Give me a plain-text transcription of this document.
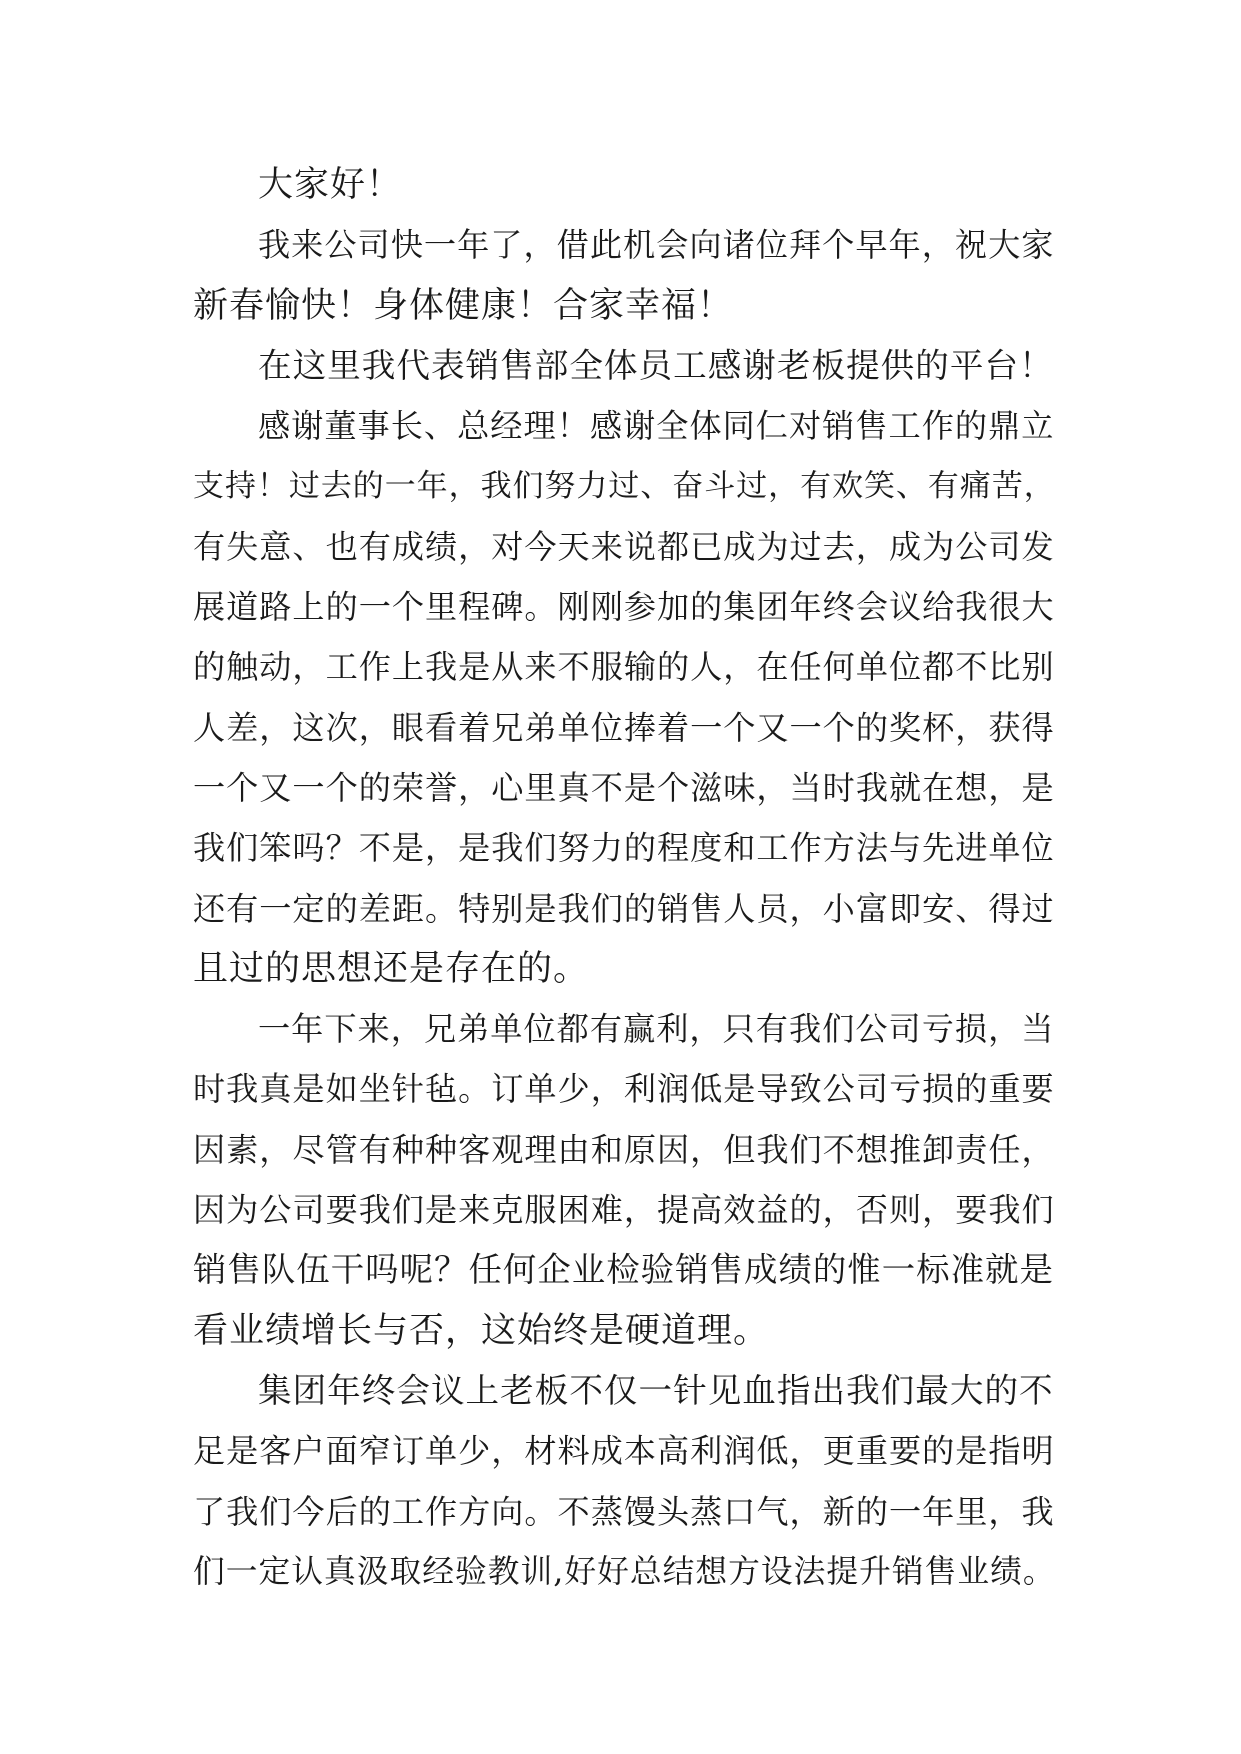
大家好！
我来公司快一年了，借此机会向诸位拜个早年，祝大家
新春愉快！身体健康！合家幸福！
在这里我代表销售部全体员工感谢老板提供的平台！
感谢董事长、总经理！感谢全体同仁对销售工作的鼎立
支持！过去的一年，我们努力过、奋斗过，有欢笑、有痛苦，
有失意、也有成绩，对今天来说都已成为过去，成为公司发
展道路上的一个里程碑。刚刚参加的集团年终会议给我很大
的触动，工作上我是从来不服输的人，在任何单位都不比别
人差，这次，眼看着兄弟单位捧着一个又一个的奖杯，获得
一个又一个的荣誉，心里真不是个滋味，当时我就在想，是
我们笨吗？不是，是我们努力的程度和工作方法与先进单位
还有一定的差距。特别是我们的销售人员，小富即安、得过
且过的思想还是存在的。
一年下来，兄弟单位都有赢利，只有我们公司亏损，当
时我真是如坐针毡。订单少，利润低是导致公司亏损的重要
因素，尽管有种种客观理由和原因，但我们不想推卸责任，
因为公司要我们是来克服困难，提高效益的，否则，要我们
销售队伍干吗呢？任何企业检验销售成绩的惟一标准就是
看业绩增长与否，这始终是硬道理。
集团年终会议上老板不仅一针见血指出我们最大的不
足是客户面窄订单少，材料成本高利润低，更重要的是指明
了我们今后的工作方向。不蒸馒头蒸口气，新的一年里，我
们一定认真汲取经验教训,好好总结想方设法提升销售业绩。
